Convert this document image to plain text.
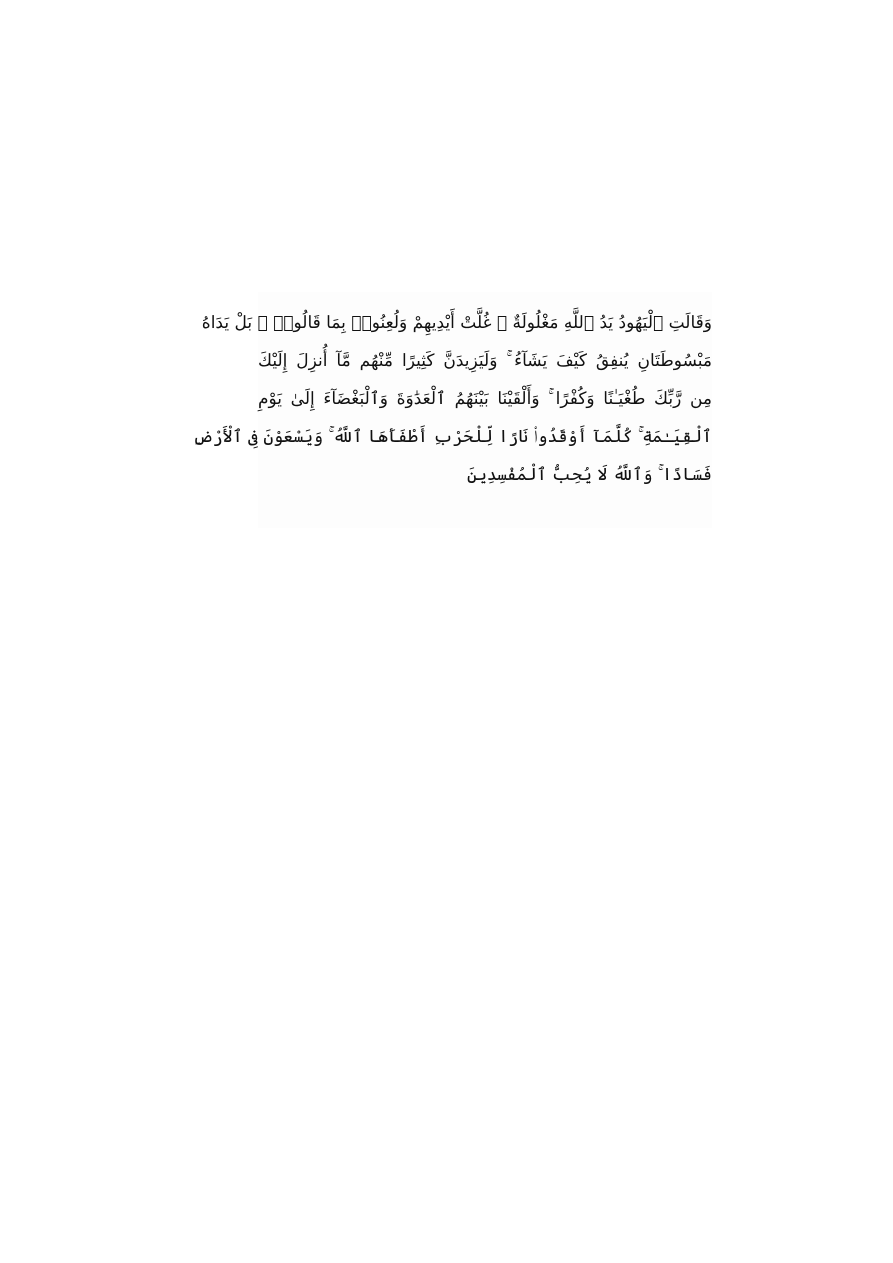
وَقَالَتِ ٱلْيَهُودُ يَدُ ٱللَّهِ مَغْلُولَةٌ ۚ غُلَّتْ أَيْدِيهِمْ وَلُعِنُوا۟ بِمَا قَالُوا۟ ۘ بَلْ يَدَاهُ
مَبْسُوطَتَانِ يُنفِقُ كَيْفَ يَشَآءُ ۚ وَلَيَزِيدَنَّ كَثِيرًا مِّنْهُم مَّآ أُنزِلَ إِلَيْكَ
مِن رَّبِّكَ طُغْيَـٰنًا وَكُفْرًا ۚ وَأَلْقَيْنَا بَيْنَهُمُ ٱلْعَدَٰوَةَ وَٱلْبَغْضَآءَ إِلَىٰ يَوْمِ
ٱلْقِيَـٰمَةِ ۚ كُلَّمَآ أَوْقَدُوا۟ نَارًا لِّلْحَرْبِ أَطْفَأَهَا ٱللَّهُ ۚ وَيَسْعَوْنَ فِى ٱلْأَرْضِ
فَسَادًا ۚ وَٱللَّهُ لَا يُحِبُّ ٱلْمُفْسِدِينَ
